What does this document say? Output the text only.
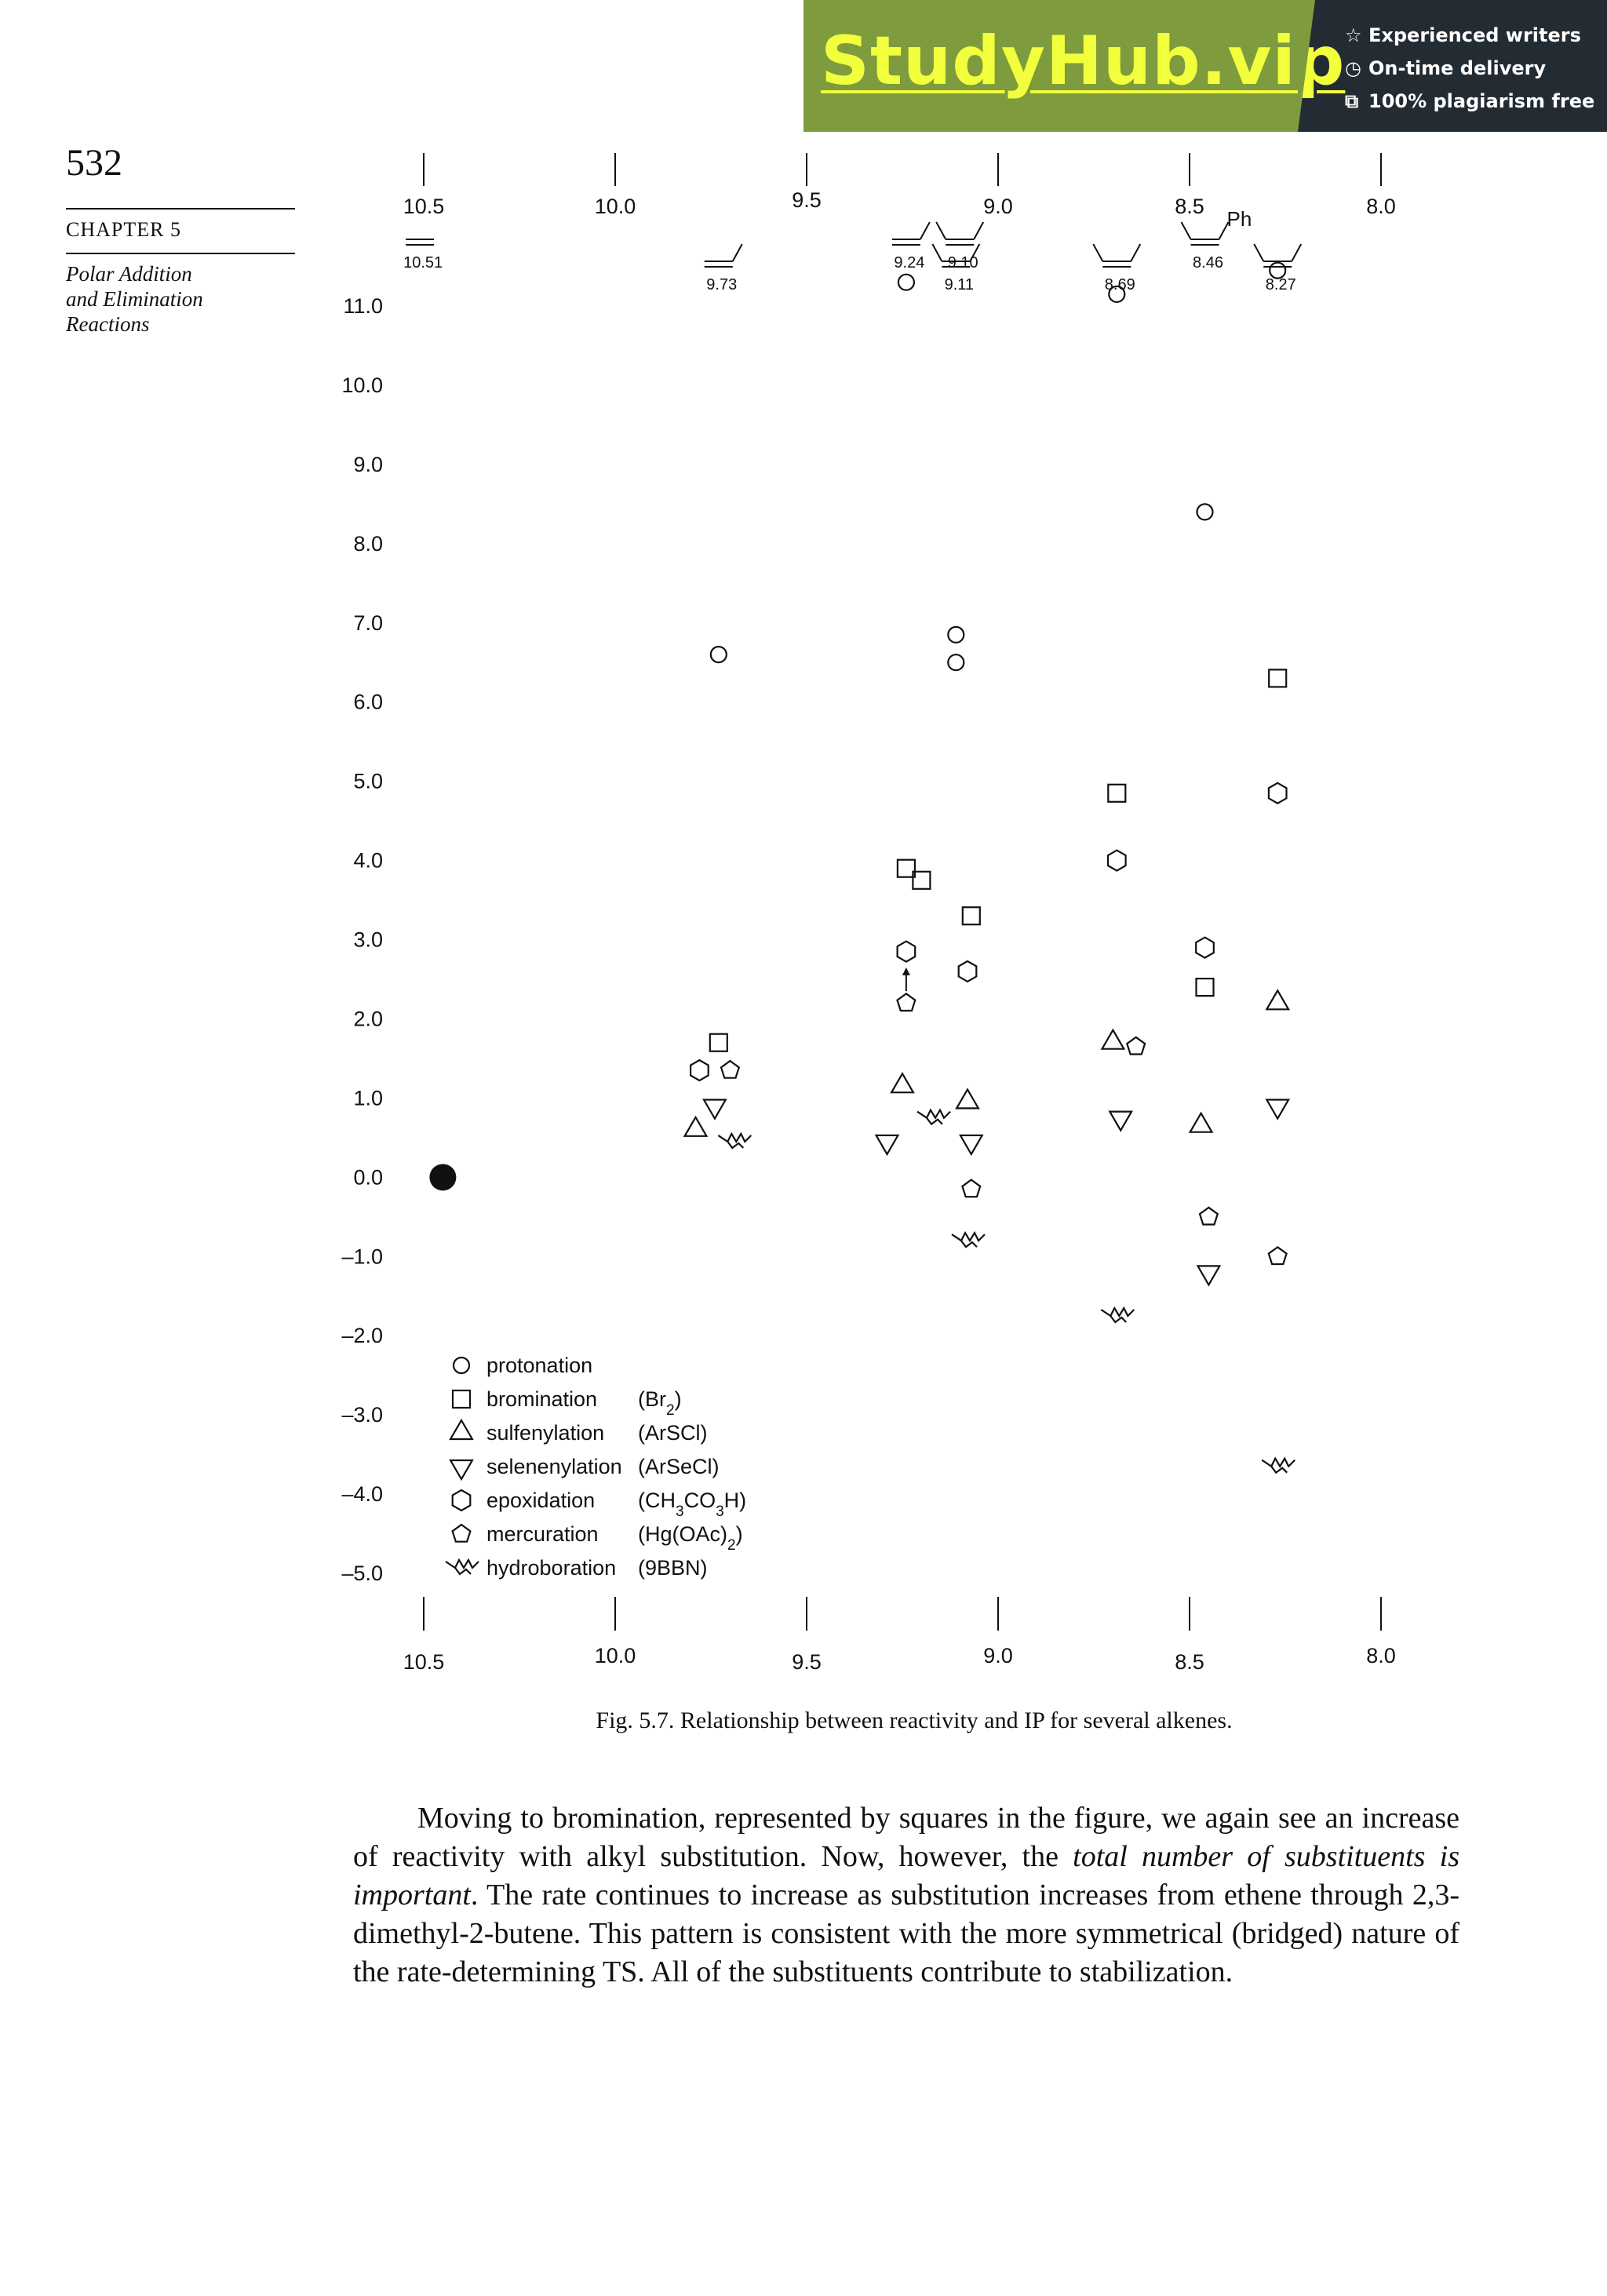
StudyHub.vip ☆ Experienced writers
◷ On-time delivery
⧉ 100% plagiarism free
532
CHAPTER 5
Polar Addition
and Elimination
Reactions
10.5
10.5
10.0
10.0
9.5
9.5
9.0
9.0
8.5
8.5
8.0
8.0
11.0
10.0
9.0
8.0
7.0
6.0
5.0
4.0
3.0
2.0
1.0
0.0
–1.0
–2.0
–3.0
–4.0
–5.0
10.51
9.73
9.24
9.11
9.10
8.69
8.46
8.27
Ph
protonation
bromination $(Br_2)$
sulfenylation (ArSCl)
selenenylation (ArSeCl)
epoxidation $(CH_3CO_3H)$
mercuration $(Hg(OAc)_2)$
hydroboration (9BBN)
Fig. 5.7. Relationship between reactivity and IP for several alkenes.
Moving to bromination, represented by squares in the figure, we again see an increase of reactivity with alkyl substitution. Now, however, the total number of substituents is important. The rate continues to increase as substitution increases from ethene through 2,3-dimethyl-2-butene. This pattern is consistent with the more symmetrical (bridged) nature of the rate-determining TS. All of the substituents contribute to stabilization.
